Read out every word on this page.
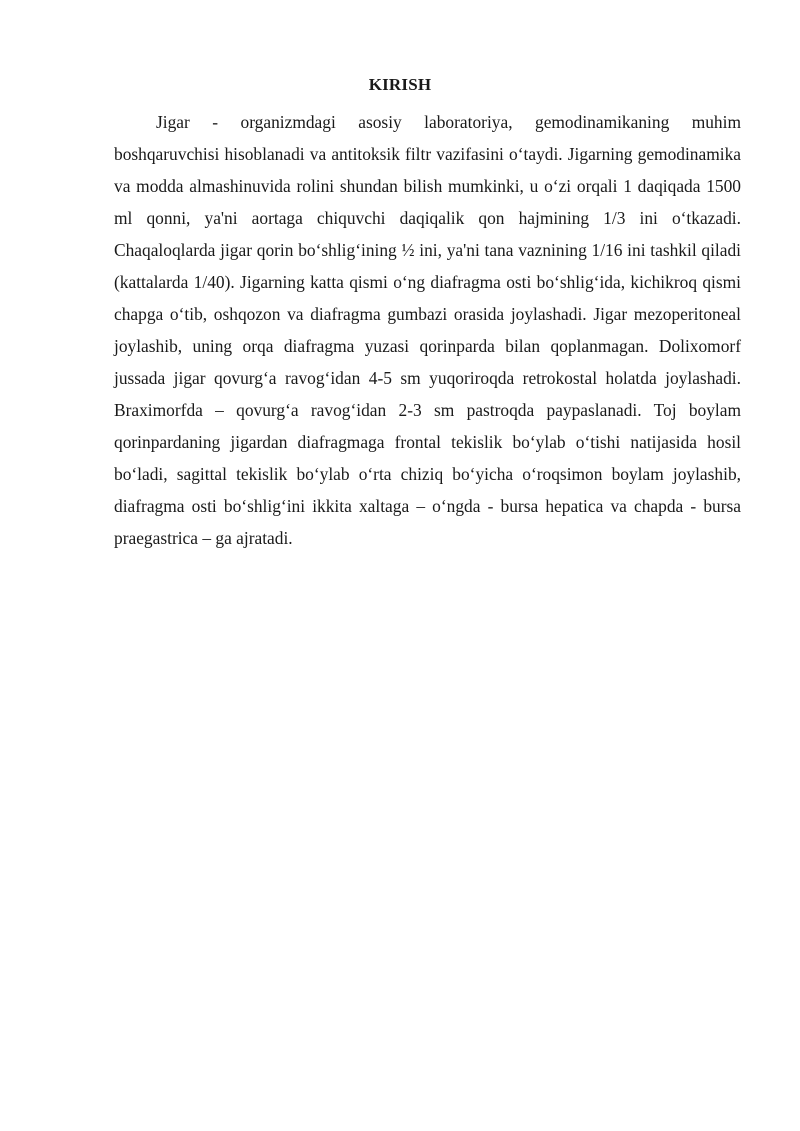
KIRISH

Jigar - organizmdagi asosiy laboratoriya, gemodinamikaning muhim boshqaruvchisi hisoblanadi va antitoksik filtr vazifasini o‘taydi. Jigarning gemodinamika va modda almashinuvida rolini shundan bilish mumkinki, u o‘zi orqali 1 daqiqada 1500 ml qonni, ya'ni aortaga chiquvchi daqiqalik qon hajmining 1/3 ini o‘tkazadi. Chaqaloqlarda jigar qorin bo‘shlig‘ining ½ ini, ya'ni tana vaznining 1/16 ini tashkil qiladi (kattalarda 1/40). Jigarning katta qismi o‘ng diafragma osti bo‘shlig‘ida, kichikroq qismi chapga o‘tib, oshqozon va diafragma gumbazi orasida joylashadi. Jigar mezoperitoneal joylashib, uning orqa diafragma yuzasi qorinparda bilan qoplanmagan. Dolixomorf jussada jigar qovurg‘a ravog‘idan 4-5 sm yuqoriroqda retrokostal holatda joylashadi. Braximorfda – qovurg‘a ravog‘idan 2-3 sm pastroqda paypaslanadi. Toj boylam qorinpardaning jigardan diafragmaga frontal tekislik bo‘ylab o‘tishi natijasida hosil bo‘ladi, sagittal tekislik bo‘ylab o‘rta chiziq bo‘yicha o‘roqsimon boylam joylashib, diafragma osti bo‘shlig‘ini ikkita xaltaga – o‘ngda - bursa hepatica va chapda - bursa praegastrica – ga ajratadi.
